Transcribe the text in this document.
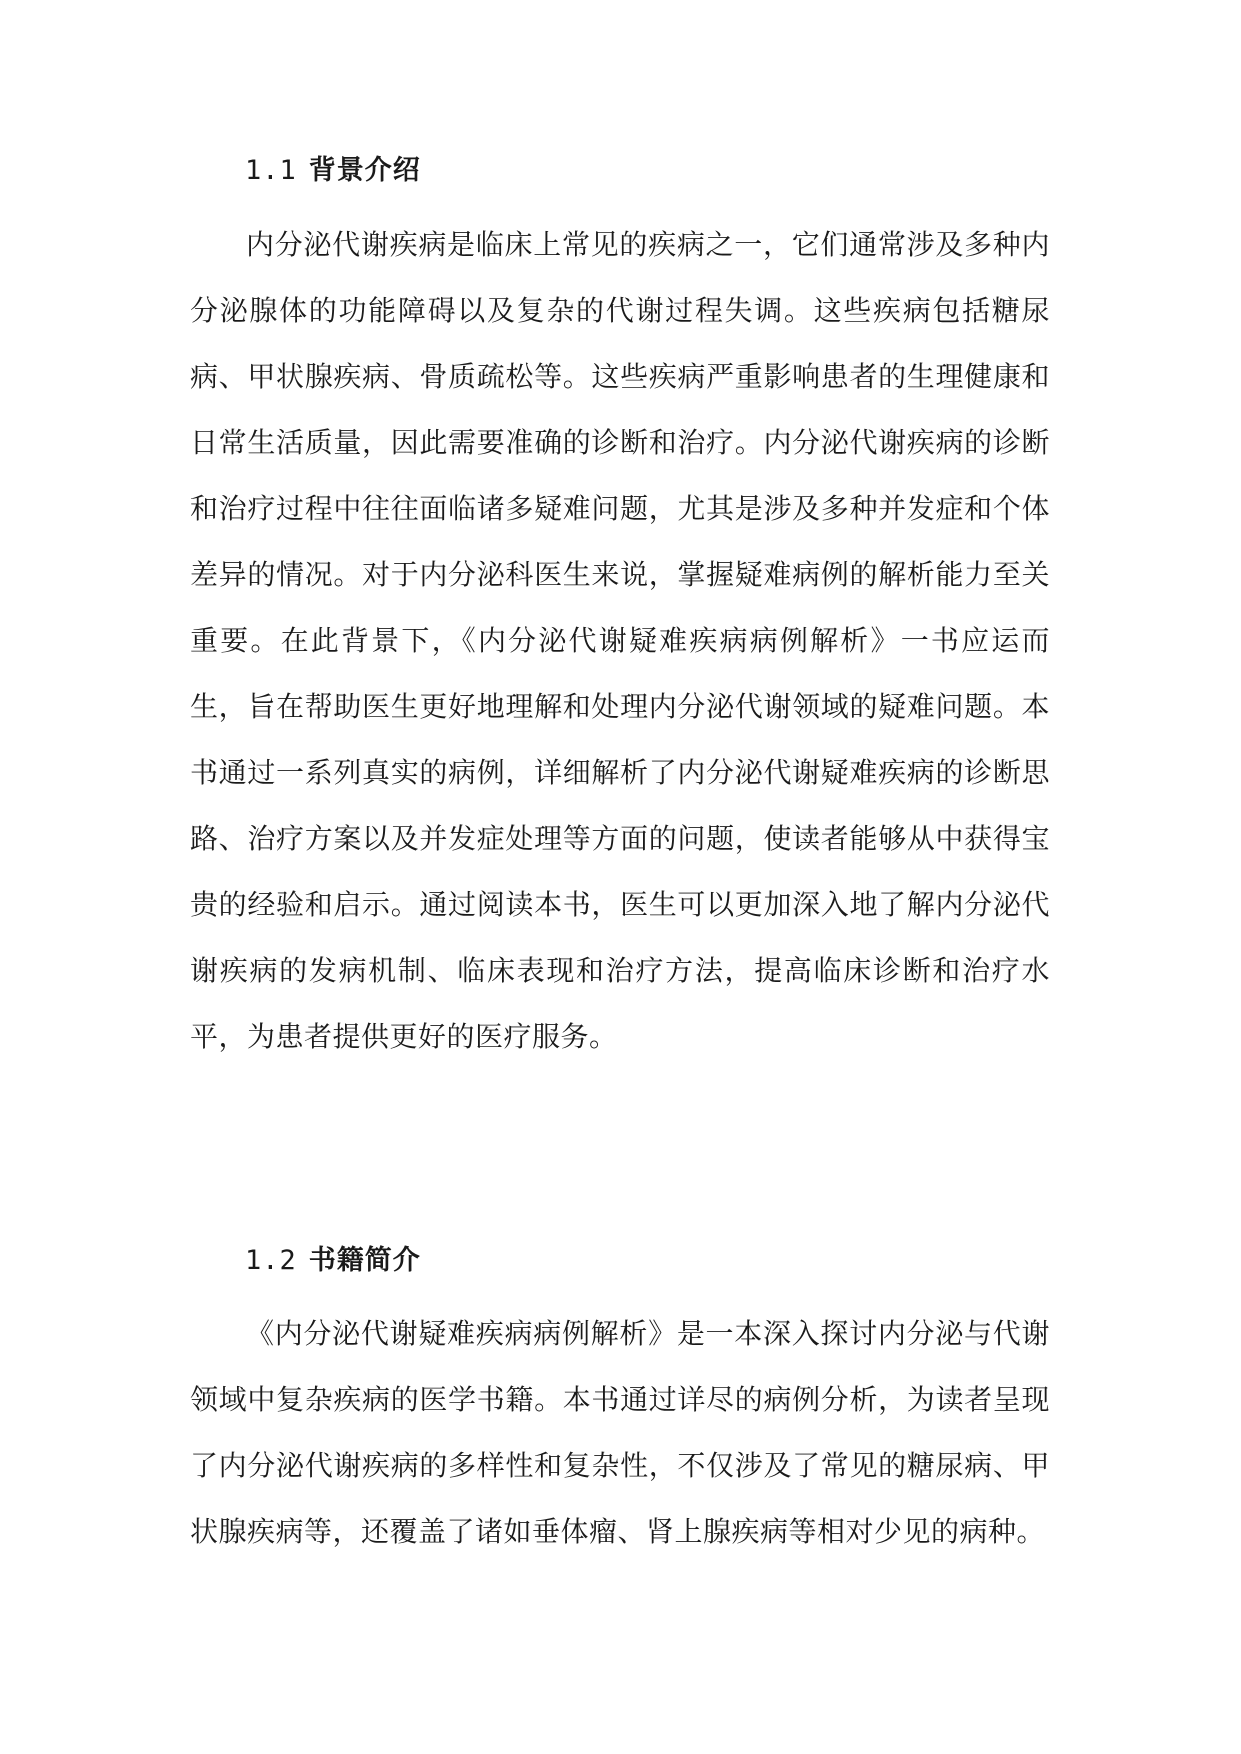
1.1 背景介绍

内分泌代谢疾病是临床上常见的疾病之一，它们通常涉及多种内分泌腺体的功能障碍以及复杂的代谢过程失调。这些疾病包括糖尿病、甲状腺疾病、骨质疏松等。这些疾病严重影响患者的生理健康和日常生活质量，因此需要准确的诊断和治疗。内分泌代谢疾病的诊断和治疗过程中往往面临诸多疑难问题，尤其是涉及多种并发症和个体差异的情况。对于内分泌科医生来说，掌握疑难病例的解析能力至关重要。在此背景下，《内分泌代谢疑难疾病病例解析》一书应运而生，旨在帮助医生更好地理解和处理内分泌代谢领域的疑难问题。本书通过一系列真实的病例，详细解析了内分泌代谢疑难疾病的诊断思路、治疗方案以及并发症处理等方面的问题，使读者能够从中获得宝贵的经验和启示。通过阅读本书，医生可以更加深入地了解内分泌代谢疾病的发病机制、临床表现和治疗方法，提高临床诊断和治疗水平，为患者提供更好的医疗服务。

1.2 书籍简介

《内分泌代谢疑难疾病病例解析》是一本深入探讨内分泌与代谢领域中复杂疾病的医学书籍。本书通过详尽的病例分析，为读者呈现了内分泌代谢疾病的多样性和复杂性，不仅涉及了常见的糖尿病、甲状腺疾病等，还覆盖了诸如垂体瘤、肾上腺疾病等相对少见的病种。
